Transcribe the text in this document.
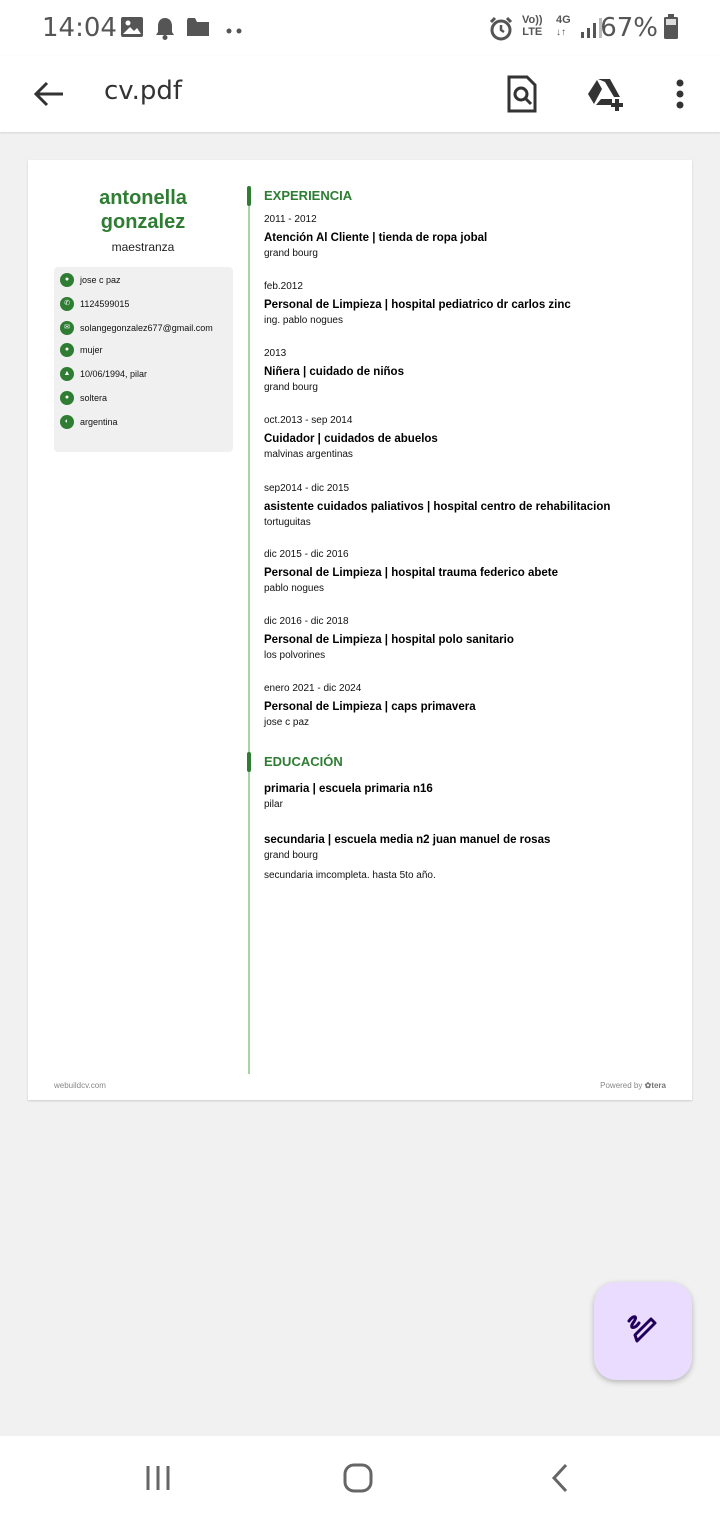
14:04	Vo))
LTE
4G
↓↑ 67%
cv.pdf
antonella gonzalez
maestranza
●	jose c paz
✆	1124599015
✉	solangegonzalez677@gmail.com
●	mujer
▲	10/06/1994, pilar
●	soltera
◐	argentina
EXPERIENCIA
2011 - 2012
Atención Al Cliente | tienda de ropa jobal
grand bourg
feb.2012
Personal de Limpieza | hospital pediatrico dr carlos zinc
ing. pablo nogues
2013
Niñera | cuidado de niños
grand bourg
oct.2013 - sep 2014
Cuidador | cuidados de abuelos
malvinas argentinas
sep2014 - dic 2015
asistente cuidados paliativos | hospital centro de rehabilitacion
tortuguitas
dic 2015 - dic 2016
Personal de Limpieza | hospital trauma federico abete
pablo nogues
dic 2016 - dic 2018
Personal de Limpieza | hospital polo sanitario
los polvorines
enero 2021 - dic 2024
Personal de Limpieza | caps primavera
jose c paz
EDUCACIÓN
primaria | escuela primaria n16
pilar
secundaria | escuela media n2 juan manuel de rosas
grand bourg
secundaria imcompleta. hasta 5to año.
webuildcv.com	Powered by ✿tera
